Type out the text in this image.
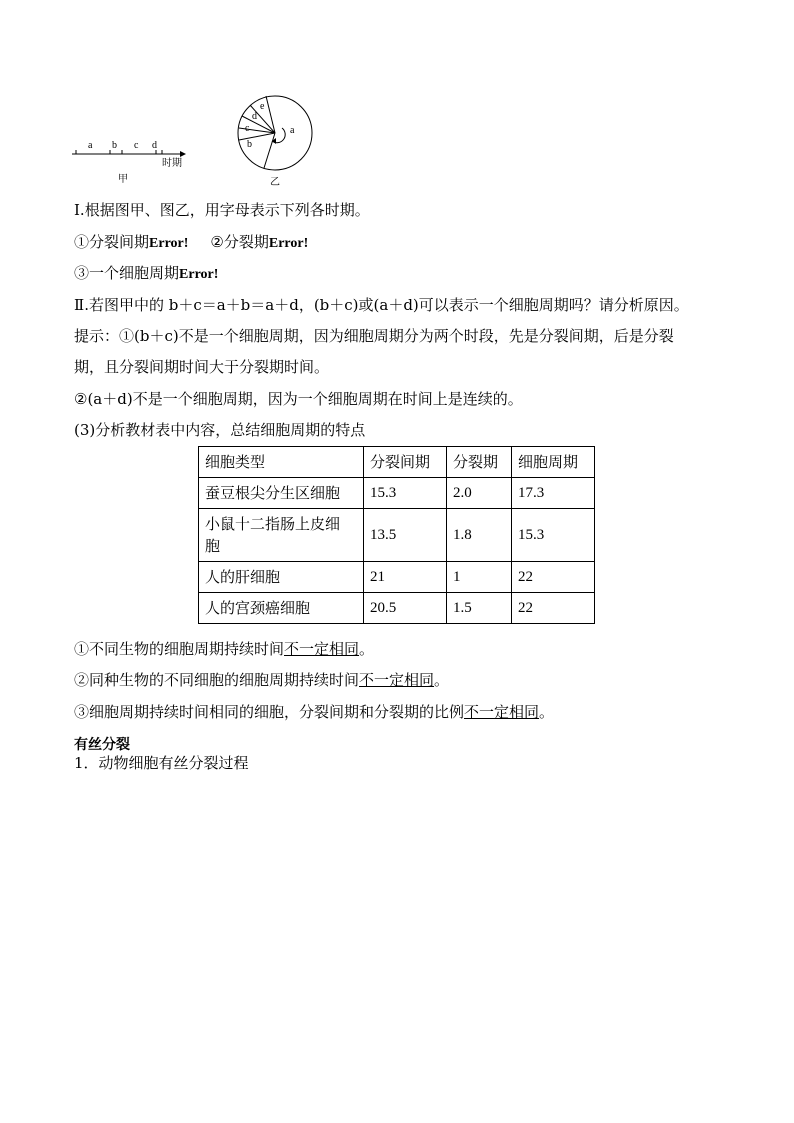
a b c d
时期
甲
e
d
c
b
a
乙
Ⅰ.根据图甲、图乙，用字母表示下列各时期。
①分裂间期Error! ②分裂期Error!
③一个细胞周期Error!
Ⅱ.若图甲中的 b＋c＝a＋b＝a＋d，(b＋c)或(a＋d)可以表示一个细胞周期吗？请分析原因。
提示：①(b＋c)不是一个细胞周期，因为细胞周期分为两个时段，先是分裂间期，后是分裂
期，且分裂间期时间大于分裂期时间。
②(a＋d)不是一个细胞周期，因为一个细胞周期在时间上是连续的。
(3)分析教材表中内容，总结细胞周期的特点
细胞类型	分裂间期	分裂期	细胞周期
蚕豆根尖分生区细胞	15.3	2.0	17.3
小鼠十二指肠上皮细
胞	13.5	1.8	15.3
人的肝细胞	21	1	22
人的宫颈癌细胞	20.5	1.5	22
①不同生物的细胞周期持续时间不一定相同。
②同种生物的不同细胞的细胞周期持续时间不一定相同。
③细胞周期持续时间相同的细胞，分裂间期和分裂期的比例不一定相同。
有丝分裂
1．动物细胞有丝分裂过程
